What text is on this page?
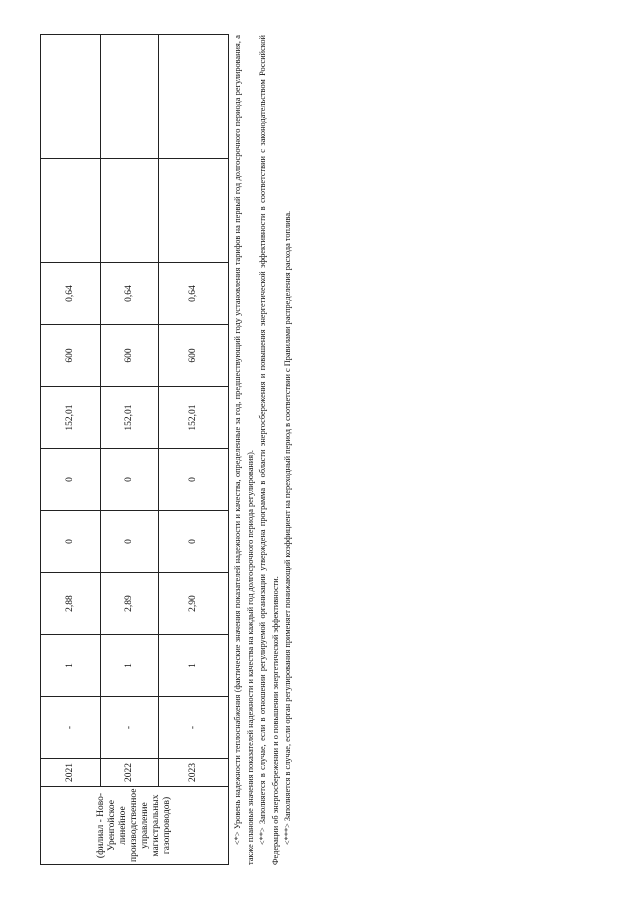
(филиал - Ново-Уренгойское линейное производственное управление магистральных газопроводов)	2021	-	1	2,88	0	0	152,01	600	0,64		
	2022	-	1	2,89	0	0	152,01	600	0,64		
	2023	-	1	2,90	0	0	152,01	600	0,64			<*> Уровень надежности теплоснабжения (фактические значения показателей надежности и качества, определенные за год, предшествующий году установления тарифов на первый год долгосрочного периода регулирования, а также плановые значения показателей надежности и качества на каждый год долгосрочного периода регулирования). <**> Заполняется в случае, если в отношении регулируемой организации утверждена программа в области энергосбережения и повышения энергетической эффективности в соответствии с законодательством Российской Федерации об энергосбережении и о повышении энергетической эффективности. <***> Заполняется в случае, если орган регулирования применяет понижающий коэффициент на переходный период в соответствии с Правилами распределения расхода топлива.
